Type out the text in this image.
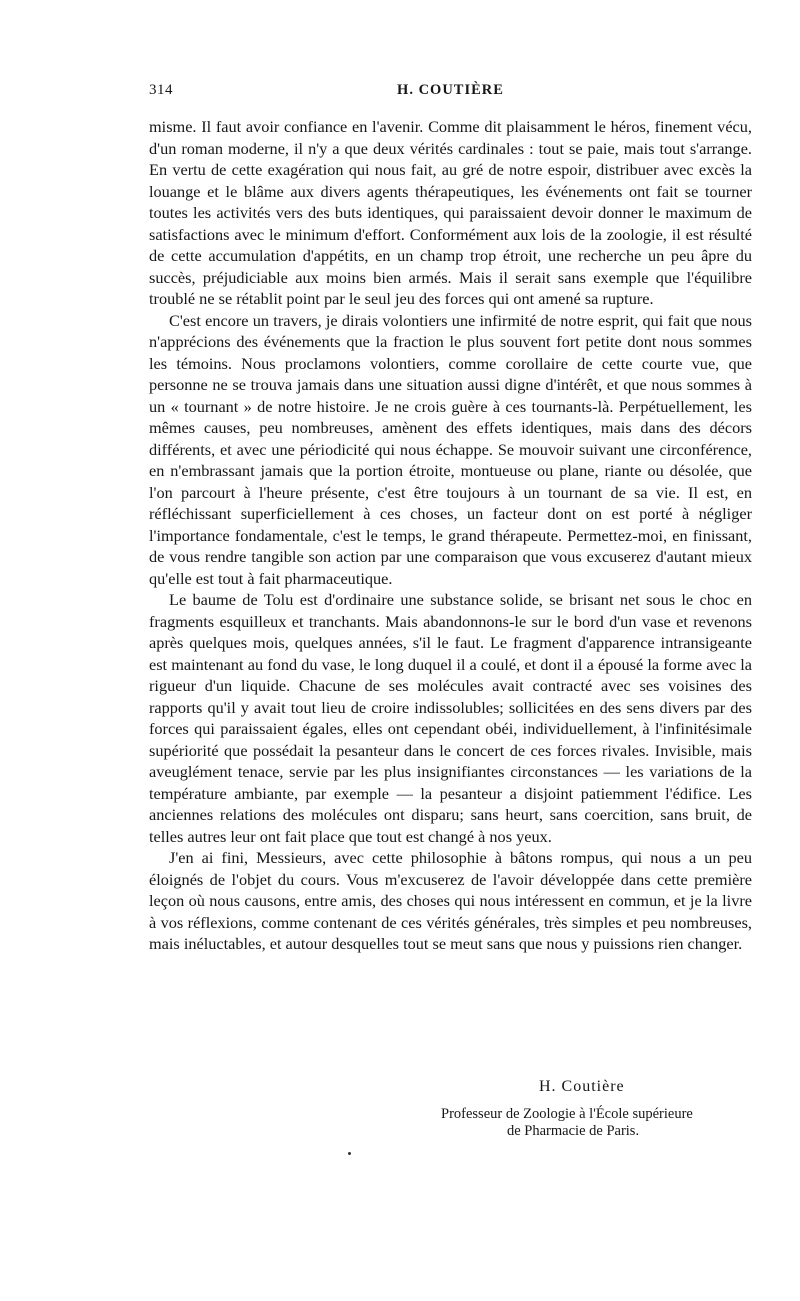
314	H. COUTIÈRE

misme. Il faut avoir confiance en l'avenir. Comme dit plaisamment le héros, finement vécu, d'un roman moderne, il n'y a que deux vérités cardinales : tout se paie, mais tout s'arrange. En vertu de cette exagération qui nous fait, au gré de notre espoir, distribuer avec excès la louange et le blâme aux divers agents thérapeutiques, les événements ont fait se tourner toutes les activités vers des buts identiques, qui paraissaient devoir donner le maximum de satisfactions avec le minimum d'effort. Conformément aux lois de la zoologie, il est résulté de cette accumulation d'appétits, en un champ trop étroit, une recherche un peu âpre du succès, préjudiciable aux moins bien armés. Mais il serait sans exemple que l'équilibre troublé ne se rétablit point par le seul jeu des forces qui ont amené sa rupture.

C'est encore un travers, je dirais volontiers une infirmité de notre esprit, qui fait que nous n'apprécions des événements que la fraction le plus souvent fort petite dont nous sommes les témoins. Nous proclamons volontiers, comme corollaire de cette courte vue, que personne ne se trouva jamais dans une situation aussi digne d'intérêt, et que nous sommes à un « tournant » de notre histoire. Je ne crois guère à ces tournants-là. Perpétuellement, les mêmes causes, peu nombreuses, amènent des effets identiques, mais dans des décors différents, et avec une périodicité qui nous échappe. Se mouvoir suivant une circonférence, en n'embrassant jamais que la portion étroite, montueuse ou plane, riante ou désolée, que l'on parcourt à l'heure présente, c'est être toujours à un tournant de sa vie. Il est, en réfléchissant superficiellement à ces choses, un facteur dont on est porté à négliger l'importance fondamentale, c'est le temps, le grand thérapeute. Permettez-moi, en finissant, de vous rendre tangible son action par une comparaison que vous excuserez d'autant mieux qu'elle est tout à fait pharmaceutique.

Le baume de Tolu est d'ordinaire une substance solide, se brisant net sous le choc en fragments esquilleux et tranchants. Mais abandonnons-le sur le bord d'un vase et revenons après quelques mois, quelques années, s'il le faut. Le fragment d'apparence intransigeante est maintenant au fond du vase, le long duquel il a coulé, et dont il a épousé la forme avec la rigueur d'un liquide. Chacune de ses molécules avait contracté avec ses voisines des rapports qu'il y avait tout lieu de croire indissolubles; sollicitées en des sens divers par des forces qui paraissaient égales, elles ont cependant obéi, individuellement, à l'infinitésimale supériorité que possédait la pesanteur dans le concert de ces forces rivales. Invisible, mais aveuglément tenace, servie par les plus insignifiantes circonstances — les variations de la température ambiante, par exemple — la pesanteur a disjoint patiemment l'édifice. Les anciennes relations des molécules ont disparu; sans heurt, sans coercition, sans bruit, de telles autres leur ont fait place que tout est changé à nos yeux.

J'en ai fini, Messieurs, avec cette philosophie à bâtons rompus, qui nous a un peu éloignés de l'objet du cours. Vous m'excuserez de l'avoir développée dans cette première leçon où nous causons, entre amis, des choses qui nous intéressent en commun, et je la livre à vos réflexions, comme contenant de ces vérités générales, très simples et peu nombreuses, mais inéluctables, et autour desquelles tout se meut sans que nous y puissions rien changer.

H. Coutière
Professeur de Zoologie à l'École supérieure
de Pharmacie de Paris.
